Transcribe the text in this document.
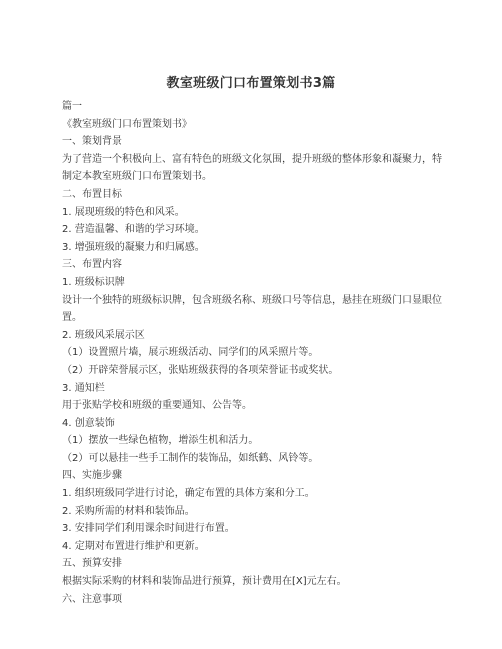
教室班级门口布置策划书3篇

篇一

《教室班级门口布置策划书》

一、策划背景

为了营造一个积极向上、富有特色的班级文化氛围，提升班级的整体形象和凝聚力，特制定本教室班级门口布置策划书。

二、布置目标

1. 展现班级的特色和风采。

2. 营造温馨、和谐的学习环境。

3. 增强班级的凝聚力和归属感。

三、布置内容

1. 班级标识牌

设计一个独特的班级标识牌，包含班级名称、班级口号等信息，悬挂在班级门口显眼位置。

2. 班级风采展示区

（1）设置照片墙，展示班级活动、同学们的风采照片等。

（2）开辟荣誉展示区，张贴班级获得的各项荣誉证书或奖状。

3. 通知栏

用于张贴学校和班级的重要通知、公告等。

4. 创意装饰

（1）摆放一些绿色植物，增添生机和活力。

（2）可以悬挂一些手工制作的装饰品，如纸鹤、风铃等。

四、实施步骤

1. 组织班级同学进行讨论，确定布置的具体方案和分工。

2. 采购所需的材料和装饰品。

3. 安排同学们利用课余时间进行布置。

4. 定期对布置进行维护和更新。

五、预算安排

根据实际采购的材料和装饰品进行预算，预计费用在[X]元左右。

六、注意事项
